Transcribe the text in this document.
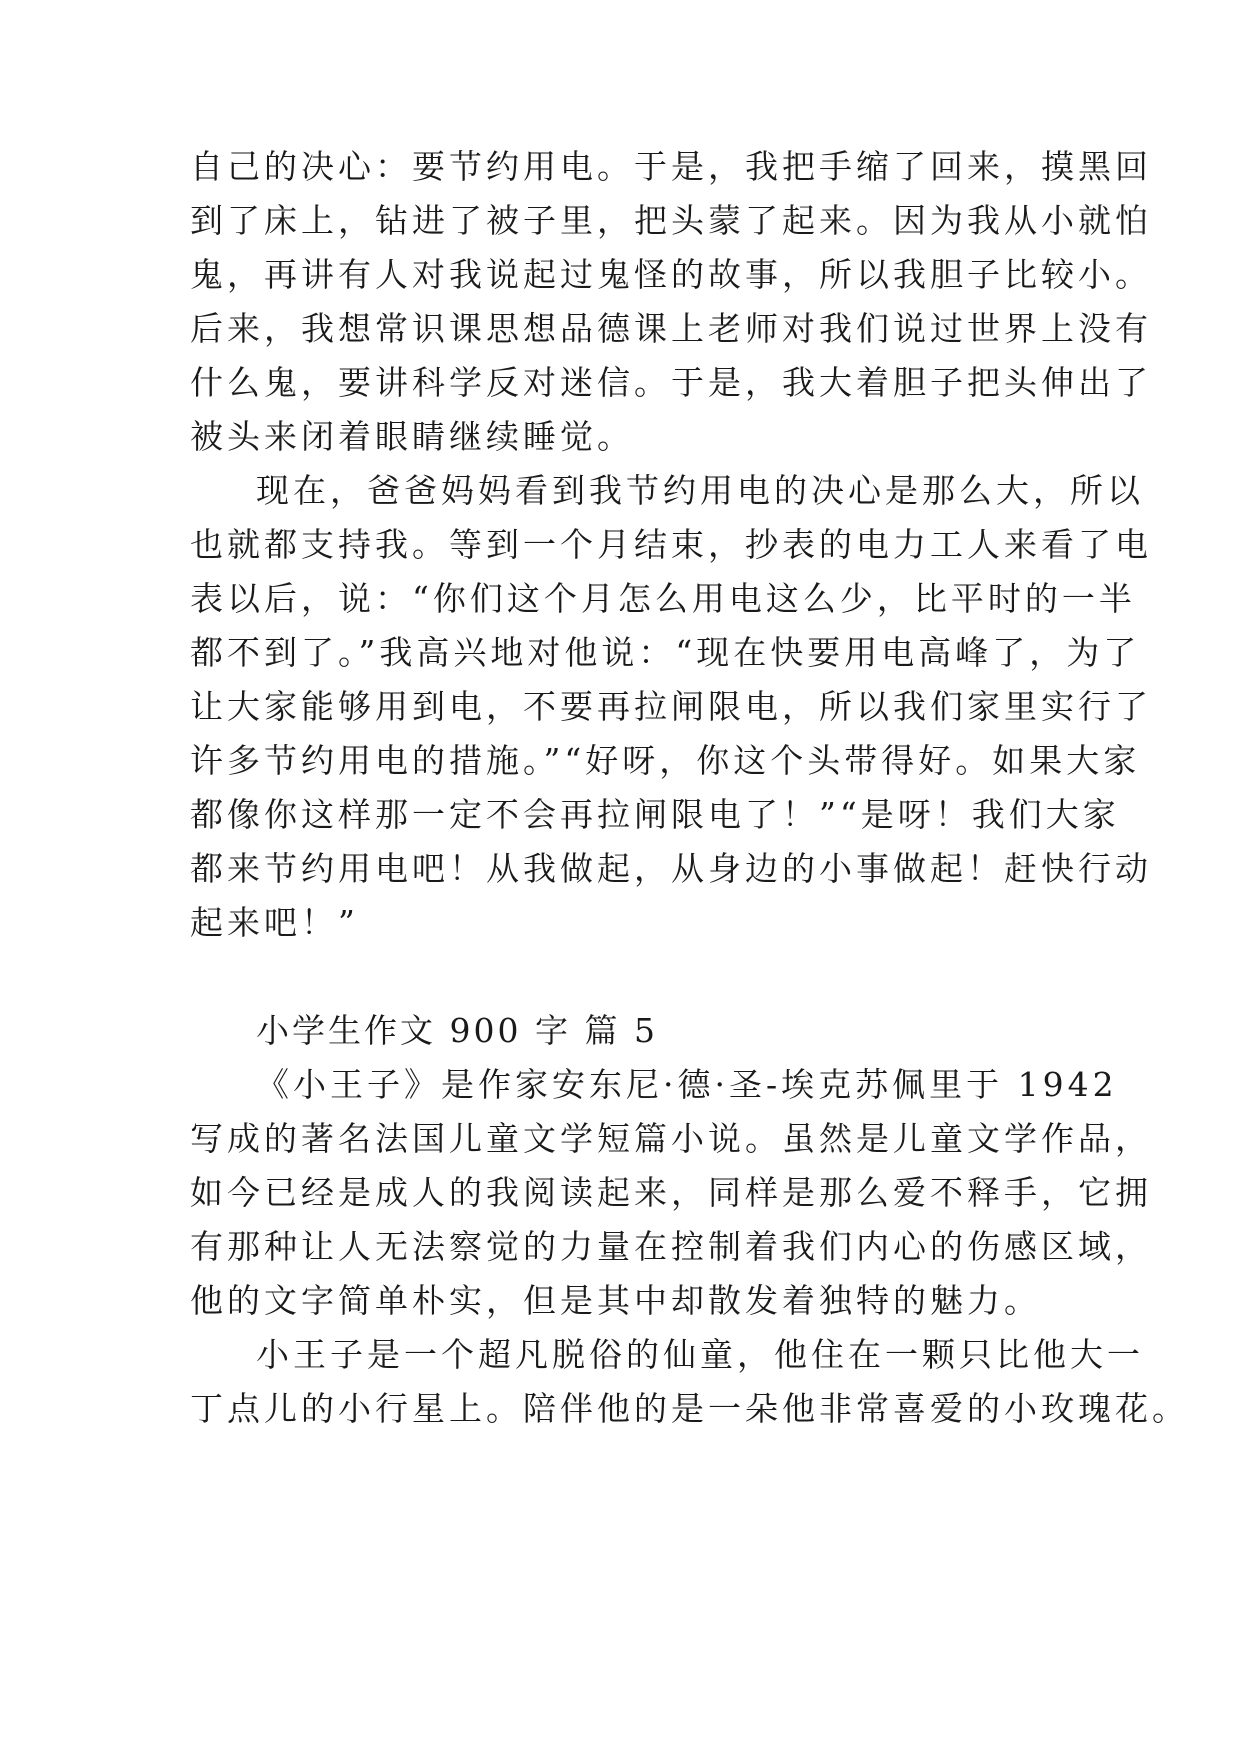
自己的决心：要节约用电。于是，我把手缩了回来，摸黑回
到了床上，钻进了被子里，把头蒙了起来。因为我从小就怕
鬼，再讲有人对我说起过鬼怪的故事，所以我胆子比较小。
后来，我想常识课思想品德课上老师对我们说过世界上没有
什么鬼，要讲科学反对迷信。于是，我大着胆子把头伸出了
被头来闭着眼睛继续睡觉。
现在，爸爸妈妈看到我节约用电的决心是那么大，所以
也就都支持我。等到一个月结束，抄表的电力工人来看了电
表以后，说：“你们这个月怎么用电这么少，比平时的一半
都不到了。”我高兴地对他说：“现在快要用电高峰了，为了
让大家能够用到电，不要再拉闸限电，所以我们家里实行了
许多节约用电的措施。”“好呀，你这个头带得好。如果大家
都像你这样那一定不会再拉闸限电了！”“是呀！我们大家
都来节约用电吧！从我做起，从身边的小事做起！赶快行动
起来吧！”
小学生作文 900 字 篇 5
《小王子》是作家安东尼·德·圣-埃克苏佩里于 1942
写成的著名法国儿童文学短篇小说。虽然是儿童文学作品，
如今已经是成人的我阅读起来，同样是那么爱不释手，它拥
有那种让人无法察觉的力量在控制着我们内心的伤感区域，
他的文字简单朴实，但是其中却散发着独特的魅力。
小王子是一个超凡脱俗的仙童，他住在一颗只比他大一
丁点儿的小行星上。陪伴他的是一朵他非常喜爱的小玫瑰花。
